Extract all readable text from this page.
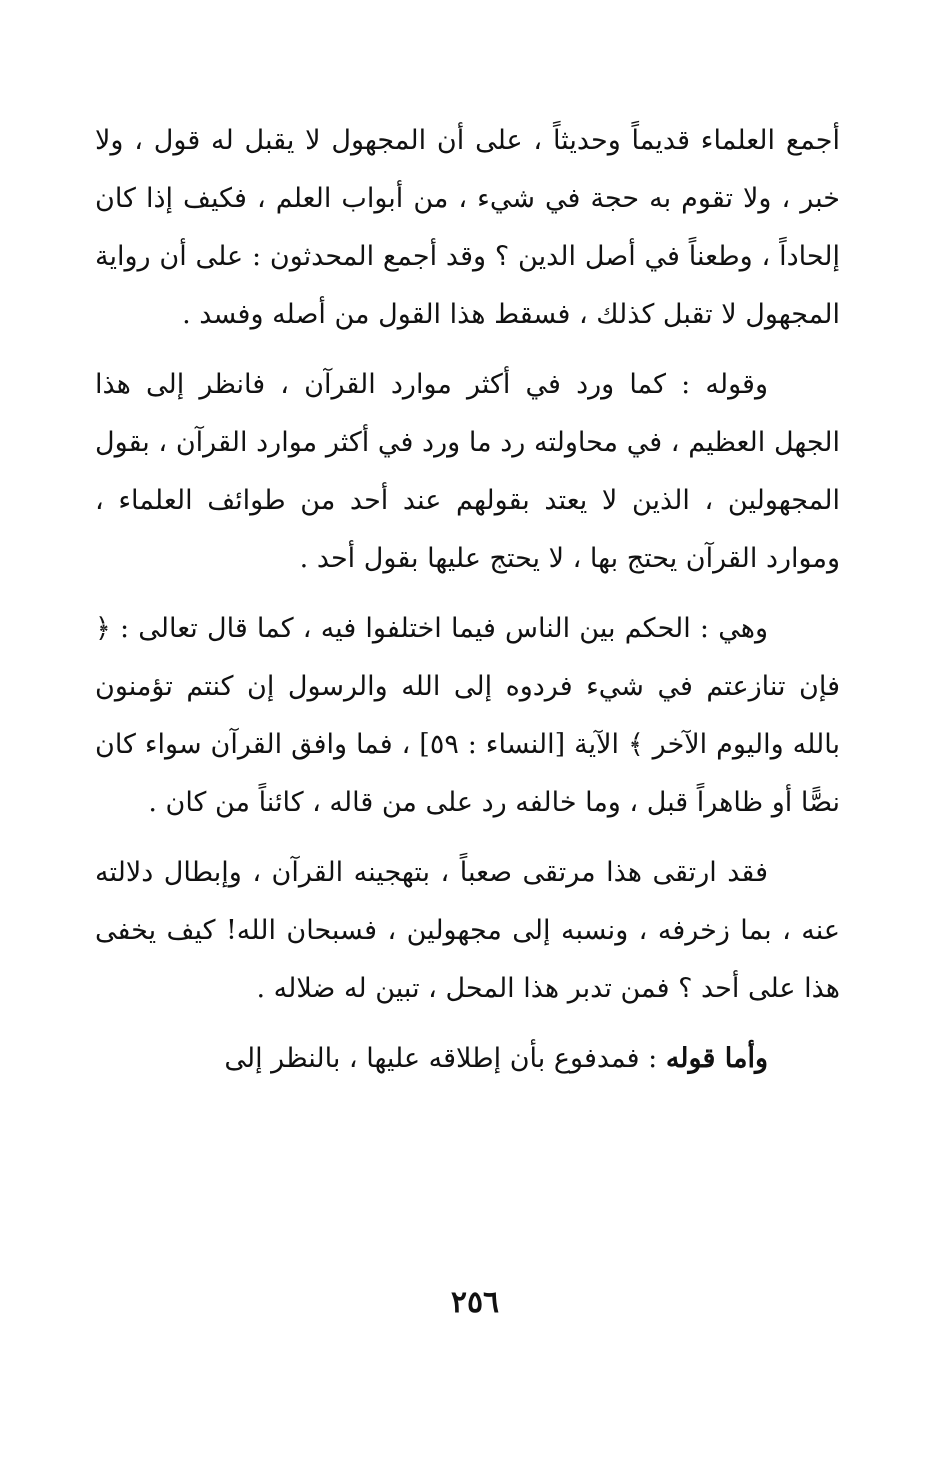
أجمع العلماء قديماً وحديثاً ، على أن المجهول لا يقبل له قول ، ولا خبر ، ولا تقوم به حجة في شيء ، من أبواب العلم ، فكيف إذا كان إلحاداً ، وطعناً في أصل الدين ؟ وقد أجمع المحدثون : على أن رواية المجهول لا تقبل كذلك ، فسقط هذا القول من أصله وفسد .

وقوله : كما ورد في أكثر موارد القرآن ، فانظر إلى هذا الجهل العظيم ، في محاولته رد ما ورد في أكثر موارد القرآن ، بقول المجهولين ، الذين لا يعتد بقولهم عند أحد من طوائف العلماء ، وموارد القرآن يحتج بها ، لا يحتج عليها بقول أحد .

وهي : الحكم بين الناس فيما اختلفوا فيه ، كما قال تعالى : ﴿ فإن تنازعتم في شيء فردوه إلى الله والرسول إن كنتم تؤمنون بالله واليوم الآخر ﴾ الآية [النساء : ٥٩] ، فما وافق القرآن سواء كان نصًّا أو ظاهراً قبل ، وما خالفه رد على من قاله ، كائناً من كان .

فقد ارتقى هذا مرتقى صعباً ، بتهجينه القرآن ، وإبطال دلالته عنه ، بما زخرفه ، ونسبه إلى مجهولين ، فسبحان الله! كيف يخفى هذا على أحد ؟ فمن تدبر هذا المحل ، تبين له ضلاله .

وأما قوله : فمدفوع بأن إطلاقه عليها ، بالنظر إلى

٢٥٦
